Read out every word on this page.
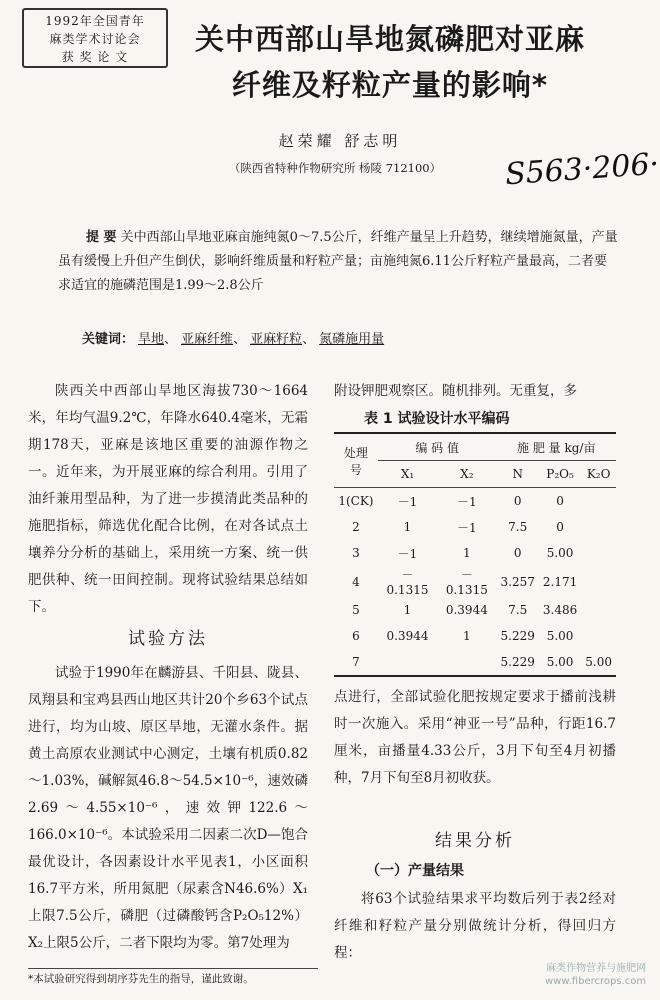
1992年全国青年
麻类学术讨论会
获 奖 论 文
关中西部山旱地氮磷肥对亚麻
纤维及籽粒产量的影响*
赵荣耀 舒志明
（陕西省特种作物研究所 杨陵 712100）	S563·206·
提 要 关中西部山旱地亚麻亩施纯氮0～7.5公斤，纤维产量呈上升趋势，继续增施氮量，产量虽有缓慢上升但产生倒伏，影响纤维质量和籽粒产量；亩施纯氮6.11公斤籽粒产量最高，二者要求适宜的施磷范围是1.99～2.8公斤
关键词： 旱地、 亚麻纤维、 亚麻籽粒、 氮磷施用量
陕西关中西部山旱地区海拔730～1664米，年均气温9.2℃，年降水640.4毫米，无霜期178天，亚麻是该地区重要的油源作物之一。近年来，为开展亚麻的综合利用。引用了油纤兼用型品种，为了进一步摸清此类品种的施肥指标，筛选优化配合比例，在对各试点土壤养分分析的基础上，采用统一方案、统一供肥供种、统一田间控制。现将试验结果总结如下。
试验方法
试验于1990年在麟游县、千阳县、陇县、凤翔县和宝鸡县西山地区共计20个乡63个试点进行，均为山坡、原区旱地，无灌水条件。据黄土高原农业测试中心测定，土壤有机质0.82～1.03%，碱解氮46.8～54.5×10⁻⁶，速效磷2.69～4.55×10⁻⁶，速效钾122.6～166.0×10⁻⁶。本试验采用二因素二次D—饱合最优设计，各因素设计水平见表1，小区面积16.7平方米，所用氮肥（尿素含N46.6%）X₁上限7.5公斤，磷肥（过磷酸钙含P₂O₅12%）X₂上限5公斤，二者下限均为零。第7处理为
*本试验研究得到胡序芬先生的指导，谨此致谢。
附设钾肥观察区。随机排列。无重复，多
表 1 试验设计水平编码
处理号	编 码 值		施 肥 量 kg/亩		
	X₁	X₂	N	P₂O₅	K₂O
1(CK)	－1	－1	0	0	
2	1	－1	7.5	0	
3	－1	1	0	5.00	
4	－0.1315	－0.1315	3.257	2.171	
5	1	0.3944	7.5	3.486	
6	0.3944	1	5.229	5.00	
7			5.229	5.00	5.00
点进行，全部试验化肥按规定要求于播前浅耕时一次施入。采用“神亚一号”品种，行距16.7厘米，亩播量4.33公斤，3月下旬至4月初播种，7月下旬至8月初收获。
结果分析
（一）产量结果
将63个试验结果求平均数后列于表2经对纤维和籽粒产量分别做统计分析，得回归方程：
麻类作物营养与施肥网
www.fibercrops.com
